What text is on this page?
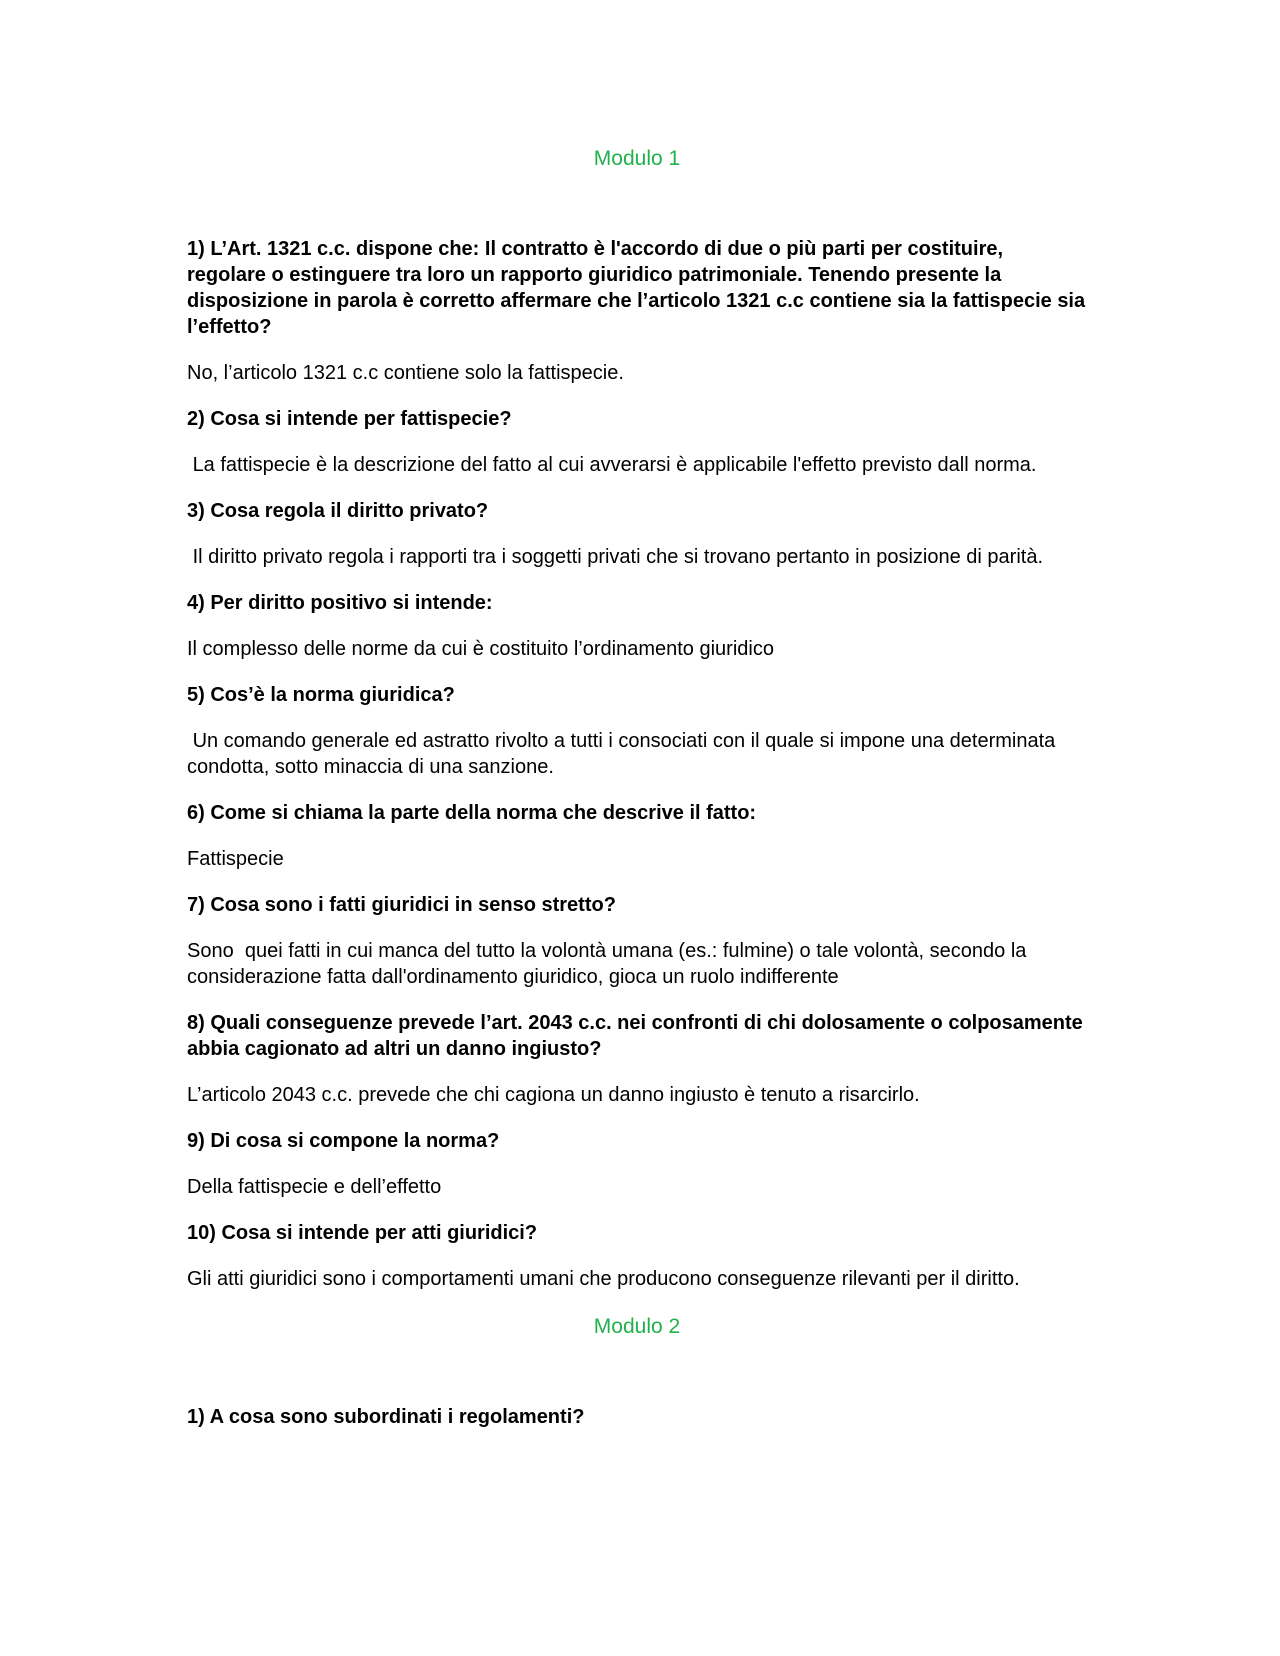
Modulo 1

1) L’Art. 1321 c.c. dispone che: Il contratto è l'accordo di due o più parti per costituire, regolare o estinguere tra loro un rapporto giuridico patrimoniale. Tenendo presente la disposizione in parola è corretto affermare che l’articolo 1321 c.c contiene sia la fattispecie sia l’effetto?

No, l’articolo 1321 c.c contiene solo la fattispecie.

2) Cosa si intende per fattispecie?

La fattispecie è la descrizione del fatto al cui avverarsi è applicabile l'effetto previsto dall norma.

3) Cosa regola il diritto privato?

Il diritto privato regola i rapporti tra i soggetti privati che si trovano pertanto in posizione di parità.

4) Per diritto positivo si intende:

Il complesso delle norme da cui è costituito l’ordinamento giuridico

5) Cos’è la norma giuridica?

Un comando generale ed astratto rivolto a tutti i consociati con il quale si impone una determinata condotta, sotto minaccia di una sanzione.

6) Come si chiama la parte della norma che descrive il fatto:

Fattispecie

7) Cosa sono i fatti giuridici in senso stretto?

Sono  quei fatti in cui manca del tutto la volontà umana (es.: fulmine) o tale volontà, secondo la considerazione fatta dall'ordinamento giuridico, gioca un ruolo indifferente

8) Quali conseguenze prevede l’art. 2043 c.c. nei confronti di chi dolosamente o colposamente abbia cagionato ad altri un danno ingiusto?

L’articolo 2043 c.c. prevede che chi cagiona un danno ingiusto è tenuto a risarcirlo.

9) Di cosa si compone la norma?

Della fattispecie e dell’effetto

10) Cosa si intende per atti giuridici?

Gli atti giuridici sono i comportamenti umani che producono conseguenze rilevanti per il diritto.

Modulo 2

1) A cosa sono subordinati i regolamenti?
